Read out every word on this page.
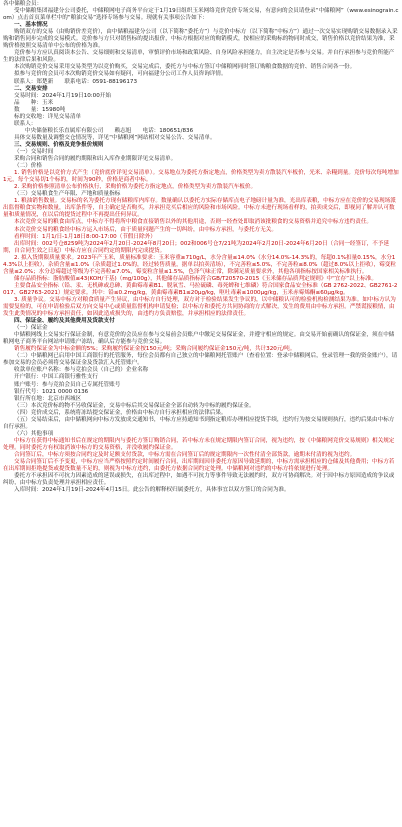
各中储粮会员：

受中储粮集团福建分公司委托，中储粮网电子商务平台定于1月19日组织玉米网络竞价竞价专场交易，有意向的会员请登录“中储粮网”（www.esinograin.com）点击首页菜单栏中的“粮油交易”选择专场参与交易。现就有关事项公告如下：

一、基本情况

购销双方的交易（由购销价差竞价），由中储粮福建分公司（以下简称“委托方”）与竞价中标方（以下简称“中标方”）通过一次交易实现购销交易数据录入采购和销售同步完成的交易模式。竞价参与方只对销售标的提出报价，中标方根据对应的购销模式，按相应的采购标的物同时成交，销售价格以竞价结果为准，采购价格按照交易清单中公布的价格为准。

竞价参与方应认真阅读本公告、交易细则和交易清单，审慎评价市场和政策风险、自身风险承担能力，自主决定是否参与交易。并自行承担参与竞价所能产生的法律后果和风险。

本次购销竞价交易采用交易类型为以竞价购买，交易完成后，委托方与中标方签订中储粮网同时签订购粮食数据的竞价、销售合同各一份。

拟参与竞价的会员可本次购销竞价交易如有疑问，可向福建分公司工作人员咨询详情。

联系人：郑楚新　　联系电话：0591-88196173

二、交易安排

交易时间：2024年1月19日10:00开始

品　　种：玉米

数　　量：15980吨

标的交收地：详见交易清单

联系人：

中央储备粮长乐直属库有限公司　　赖志旭　　电话：180651/836

具体交易数量及调整交仓情况等，详见“中储粮网”网站相对交易公告、交易清单。

三、交易规则、价格及竞争报价规则

（一）交易时间

采购合同和销售合同的履约期限和出入库作业期限详见交易清单。

（二）价格

1. 销售价格是以竞价方式产生（竞价底价详见交易清单）。交易地点为委托方指定地点，价格类型为卖方散装汽车板价，光米、杂糧到量。竞价每次每吨增加1元，每个交易切1个标的，时间为90秒，价格是商者中标。

2. 采购价格参照清单公布价格执行，采购价格为委托方指定地点，价格类型为卖方散装汽车板价。

（三）交易粮食生产年限、产地和质量指标

1. 粮油销售数量。交易标的名为委托方现有储粮库内库存。数量确认以委托方实际存储库点电子地磅计量为准，光出库表粮，中标方应在竞价的交易现场派出监督粮食实物和数量，出库条件等，自主确定是否购买，并承担竞买后相应的风险和市场风险。中标方未进行现场看样的，拍卖成交后，即视同了解并认可数量和质量情况，在以后的提货过程中不再提出任何异议。

本次竞价交易的粮食由库点，中标方不得将所中粮食直接销售以外的其他用途，否则一经查处即取消该批粮食的交易资格并追究中标方违约责任。

本次竞价交易的粮食经中标方运入市场后，由于质量问题产生的一切纠纷，由中标方承担，与委托方无关。

看样时间：1月1/日-1月18日8:00-17:00（节假日除外）

出库时间：002号仓8259吨为2024年2月20日-2024年8月20日；002和006号仓7/21吨为2024年2月20日-2024年6月20日（合同一经签订，不予延期，自合同生效之日起）中标方应在合同约定的期限内完成提货。

2. 拟入货期限质量要求。2023年产玉米，质量标准要求：玉米容重≥710g/L，水分含量≤14.0%（水分14.0%-14.3%的，每超0.1%扣量0.15%，水分14.3%以上拒收），杂质含量≤1.0%（杂质超过1.0%的，经过转售质量，据单以拍卖清场），不完善粒≤5.0%，不完善粒≤8.0%（超过8.0%以上拒收），霉变粒含量≤2.0%；水分总霉超过等级为不完善粒≤7.0%，霉变粒含量≤1.5%，色泽气味正常，除满足质量要求外，其他各项指标按国家相关标准执行。

储存品质指标：脂肪酸值≤43(KOH/干基)（mg/100g），其他储存品质指标符合GB/T20570-2015《玉米储存品质判定规则》中“宜存”以上标准。

主要食品安全指标（铅、汞、无机砷或总砷、黄曲霉毒素B1、脱氧雪、马拉硫磷、毒死蜱和七维磷）符合国家食品安全标准（GB 2762-2022、GB2761-2017、GB2763-2021）规定要求。其中：铅≤0.2mg/kg，黄曲霉毒素B1≤20μg/kg，呕吐毒素≤1000μg/kg，玉米赤霉烯酮≤60μg/kg。

3. 质量争议。交易中标方对粮食质量产生异议，由中标方自行处理，双方对于检验结果发生争议的，以中储粮认可的检验机构检测结果为准。如中标方认为需要复检的，可在申请检验后双方向交易中心或质量监督机构申请复检；以中标方和委托方共同协商的方式解决，发生的费用由中标方承担。严禁谎报粮情，由发生此类情况的中标方承担责任，如因此造成损失的，由违约方负责赔偿，并承担相应的法律责任。

四、保证金、履约及其他费用及货款支付

（一）保证金

中储粮网线上交易实行保证金制，有意竞价的会员应在参与交易前会员账户中缴足交易保证金，并遵守相应的规定。由交易开始前确认的保证金，须在中储粮网电子商务平台网站申请账户冻结，确认后方能参与竞价交易。

销售履约保证金为中标金额的5%；采购履约保证金按150元/吨；采购合同履约保证金150元/吨，共计320元/吨。

（二）中储粮网已启用中国工商银行的托管服务，每位会员都有自己独立的中储粮网托管账户（查看位置：登录中储粮网后，登录管理一我的资金账户），请参加交易的会员必须将交易保证金及货款汇入托管账户。

收款单位账户名称：参与竞拍会员（自己的）企业名称

开户银行：中国工商银行雅性支行

账户账号：参与竞拍会员自己专属托管账号

银行代号：1021 0000 0136

银行所在地：北京市西城区

（三）本次竞价标的物不另收保证金，交易中标后其交易保证金全部自动转为中标的履约保证金。

（四）竞价成交后，系统将冻结提交保证金，价格由中标方自行承担相应的法律后果。

（五）交易结束后，由中储粮网向中标方发放成交通知书，中标方应持通知书到指定粮库办理相应提货手续，违约行为按交易规则执行，违约后果由中标方自行承担。

（六）其他事项

中标方在获得中标通知书后在规定的期限内与委托方签订购销合同，若中标方未在规定期限内签订合同，视为违约，按《中储粮网竞价交易规则》相关规定处理。同时委托方有权取消该中标方的交易资格，并没收履约保证金。

合同签订后，中标方须按合同约定及时足额支付货款，中标方需在合同签订后的规定期限内一次性付清全部货款，逾期未付清的视为违约。

交易合同签订后不予变更，中标方应当严格按照约定时间履行合同，出库期间因非委托方原因导致延期的，中标方需承担相应的仓储及其他费用；中标方若在出库期间拒绝提货或提货数量不足的，则视为中标方违约，由委托方依据合同约定处理。中储粮网对违约的中标方将依规进行处理。

委托方不承担因不可抗力因素造成的延误或损失，在出库过程中，如遇不可抗力等事件导致无法履约时，双方可协商解决。对于因中标方原因造成的争议或纠纷，由中标方负责处理并承担相应责任。

入库时间：2024年1月19日-2024年4月15日。此公告的解释权归属委托方，具体事宜以双方签订的合同为准。
